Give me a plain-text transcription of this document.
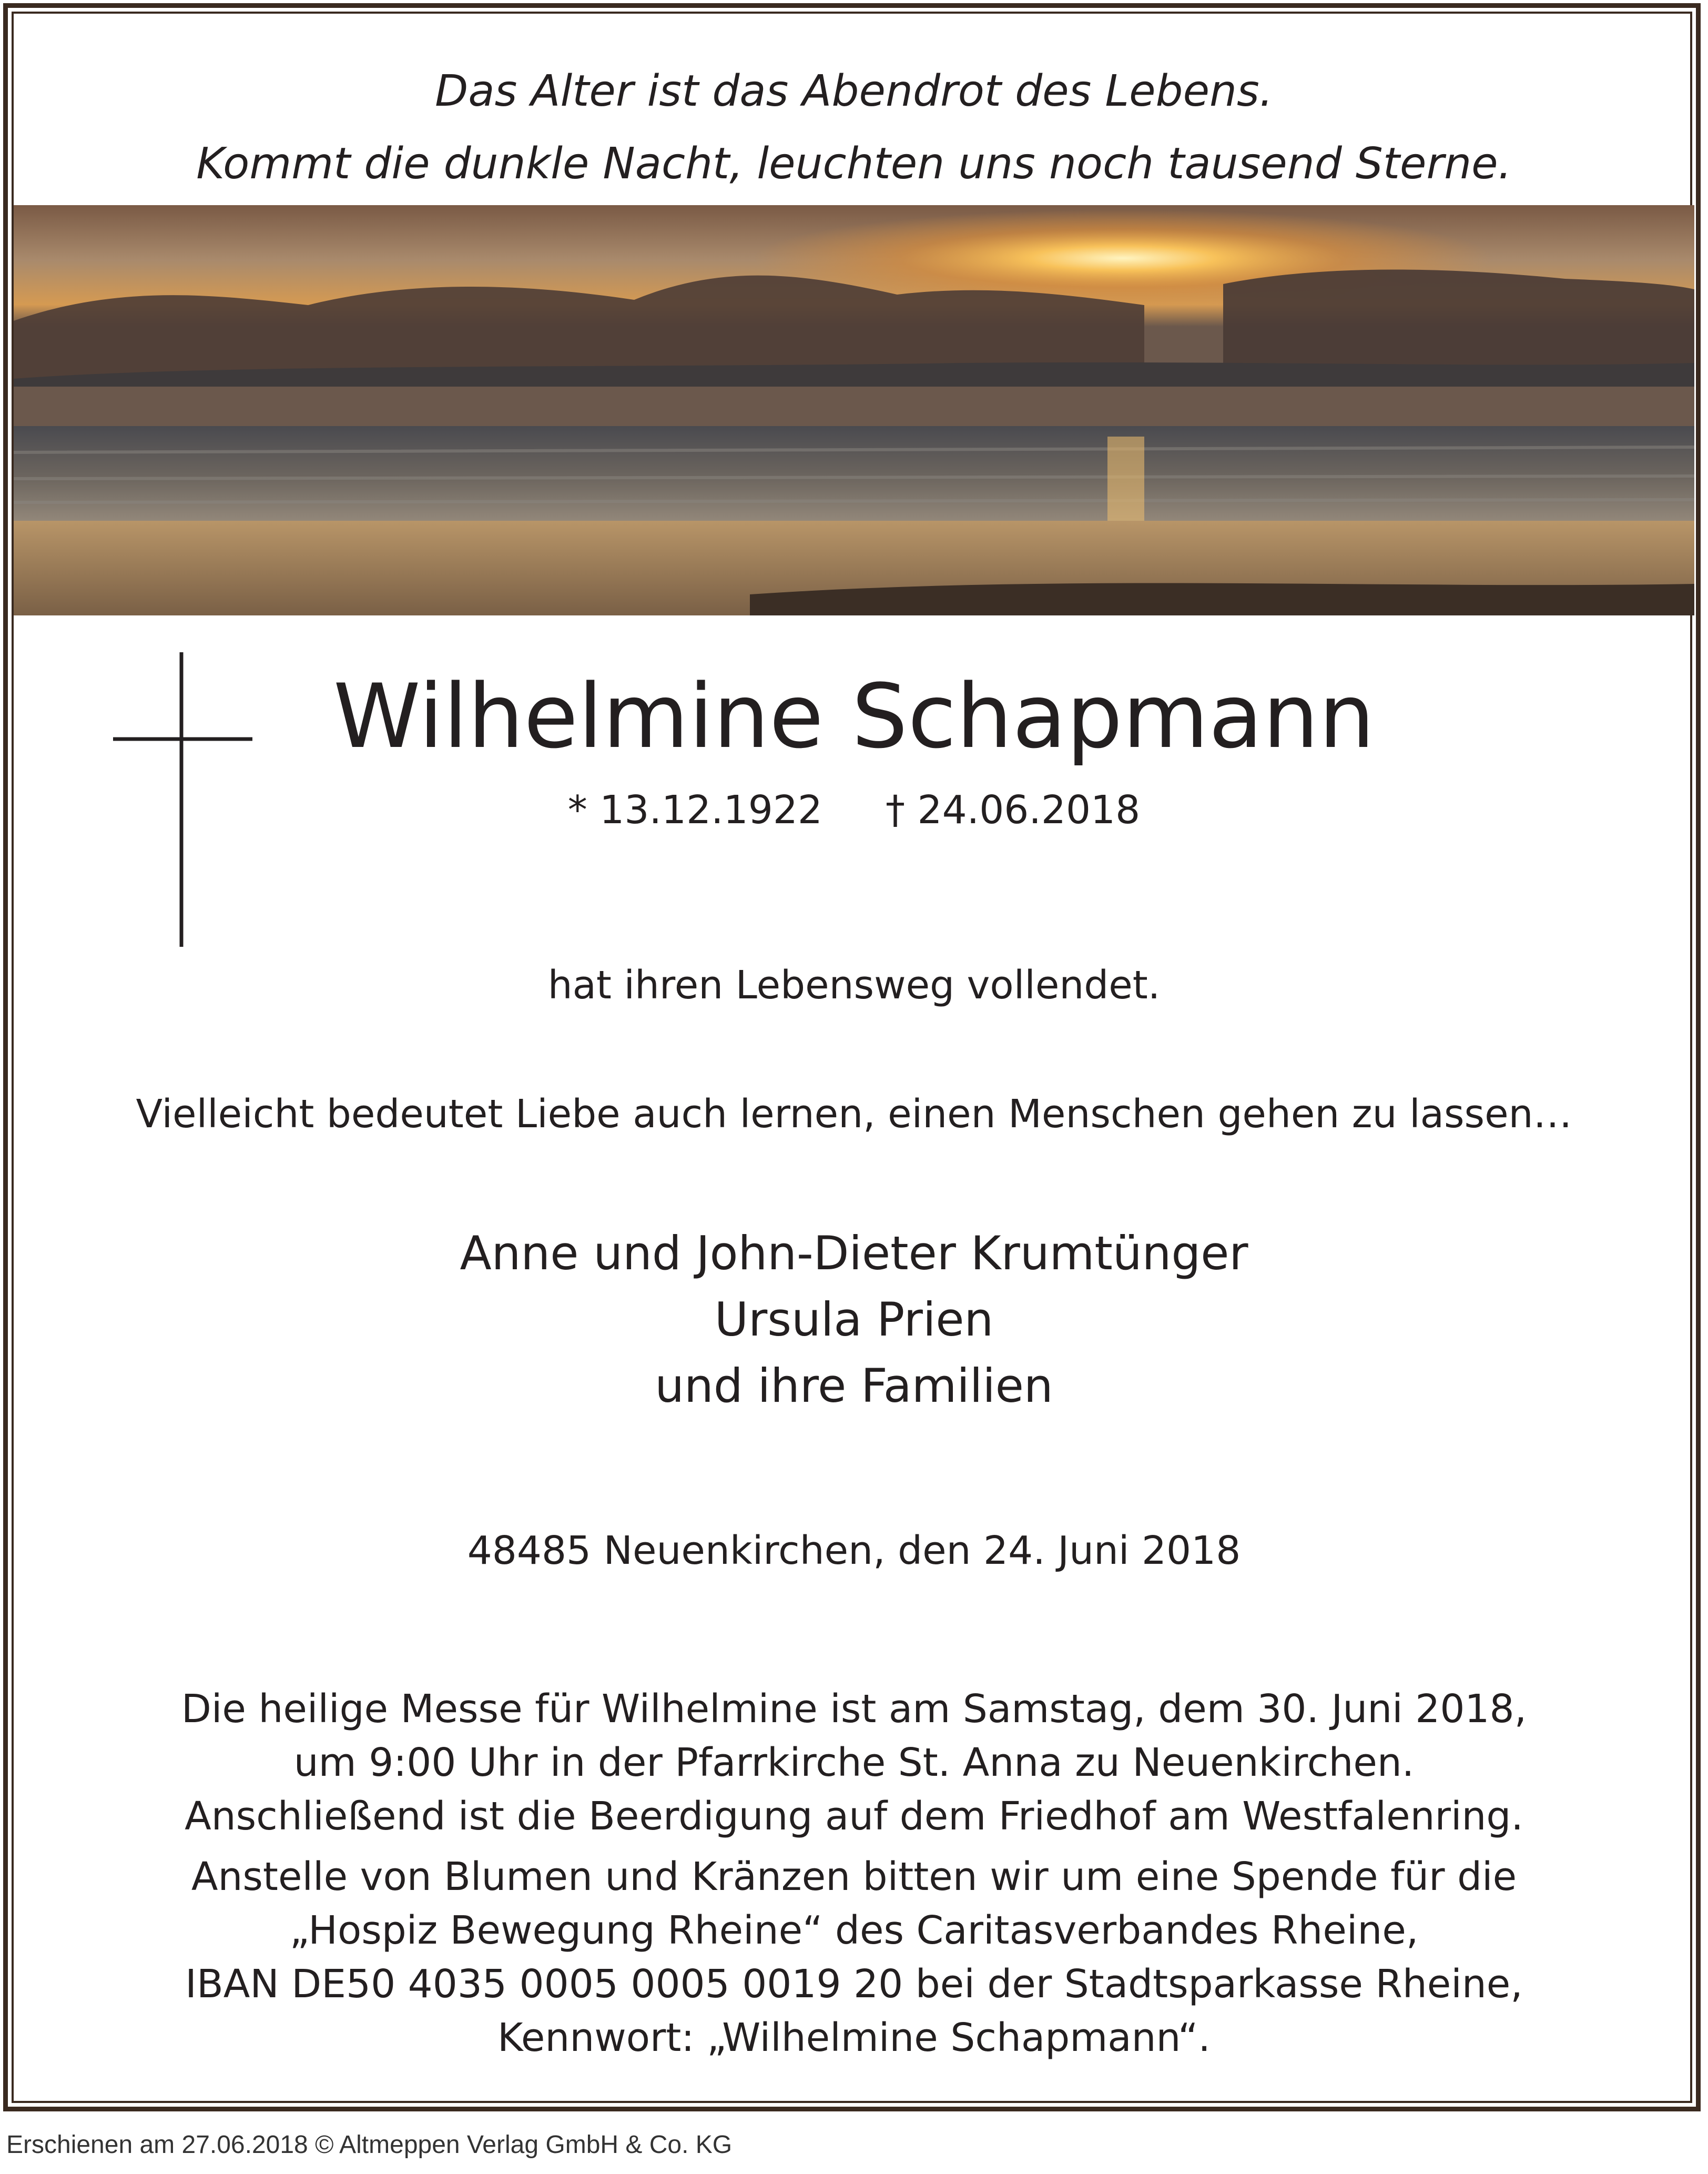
Das Alter ist das Abendrot des Lebens.
Kommt die dunkle Nacht, leuchten uns noch tausend Sterne.
Wilhelmine Schapmann
* 13.12.1922 † 24.06.2018
hat ihren Lebensweg vollendet.
Vielleicht bedeutet Liebe auch lernen, einen Menschen gehen zu lassen…
Anne und John-Dieter Krumtünger
Ursula Prien
und ihre Familien
48485 Neuenkirchen, den 24. Juni 2018
Die heilige Messe für Wilhelmine ist am Samstag, dem 30. Juni 2018,
um 9:00 Uhr in der Pfarrkirche St. Anna zu Neuenkirchen.
Anschließend ist die Beerdigung auf dem Friedhof am Westfalenring.
Anstelle von Blumen und Kränzen bitten wir um eine Spende für die
„Hospiz Bewegung Rheine“ des Caritasverbandes Rheine,
IBAN DE50 4035 0005 0005 0019 20 bei der Stadtsparkasse Rheine,
Kennwort: „Wilhelmine Schapmann“.
Erschienen am 27.06.2018 © Altmeppen Verlag GmbH & Co. KG
